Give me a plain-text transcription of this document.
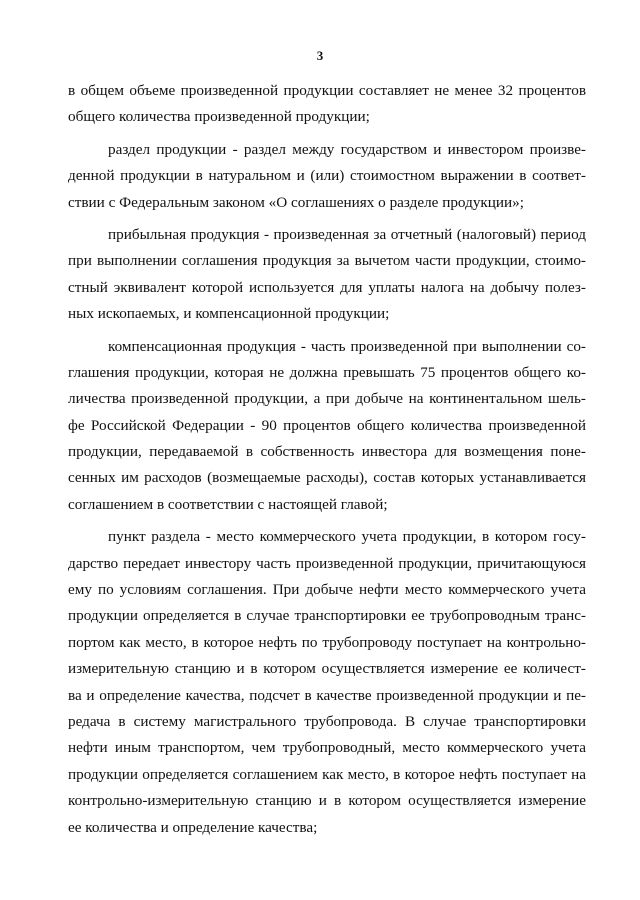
3
в общем объеме произведенной продукции составляет не менее 32 процентов
общего количества произведенной продукции;
раздел продукции - раздел между государством и инвестором произве-
денной продукции в натуральном и (или) стоимостном выражении в соответ-
ствии с Федеральным законом «О соглашениях о разделе продукции»;
прибыльная продукция - произведенная за отчетный (налоговый) период
при выполнении соглашения продукция за вычетом части продукции, стоимо-
стный эквивалент которой используется для уплаты налога на добычу полез-
ных ископаемых, и компенсационной продукции;
компенсационная продукция - часть произведенной при выполнении со-
глашения продукции, которая не должна превышать 75 процентов общего ко-
личества произведенной продукции, а при добыче на континентальном шель-
фе Российской Федерации - 90 процентов общего количества произведенной
продукции, передаваемой в собственность инвестора для возмещения поне-
сенных им расходов (возмещаемые расходы), состав которых устанавливается
соглашением в соответствии с настоящей главой;
пункт раздела - место коммерческого учета продукции, в котором госу-
дарство передает инвестору часть произведенной продукции, причитающуюся
ему по условиям соглашения. При добыче нефти место коммерческого учета
продукции определяется в случае транспортировки ее трубопроводным транс-
портом как место, в которое нефть по трубопроводу поступает на контрольно-
измерительную станцию и в котором осуществляется измерение ее количест-
ва и определение качества, подсчет в качестве произведенной продукции и пе-
редача в систему магистрального трубопровода. В случае транспортировки
нефти иным транспортом, чем трубопроводный, место коммерческого учета
продукции определяется соглашением как место, в которое нефть поступает на
контрольно-измерительную станцию и в котором осуществляется измерение
ее количества и определение качества;
